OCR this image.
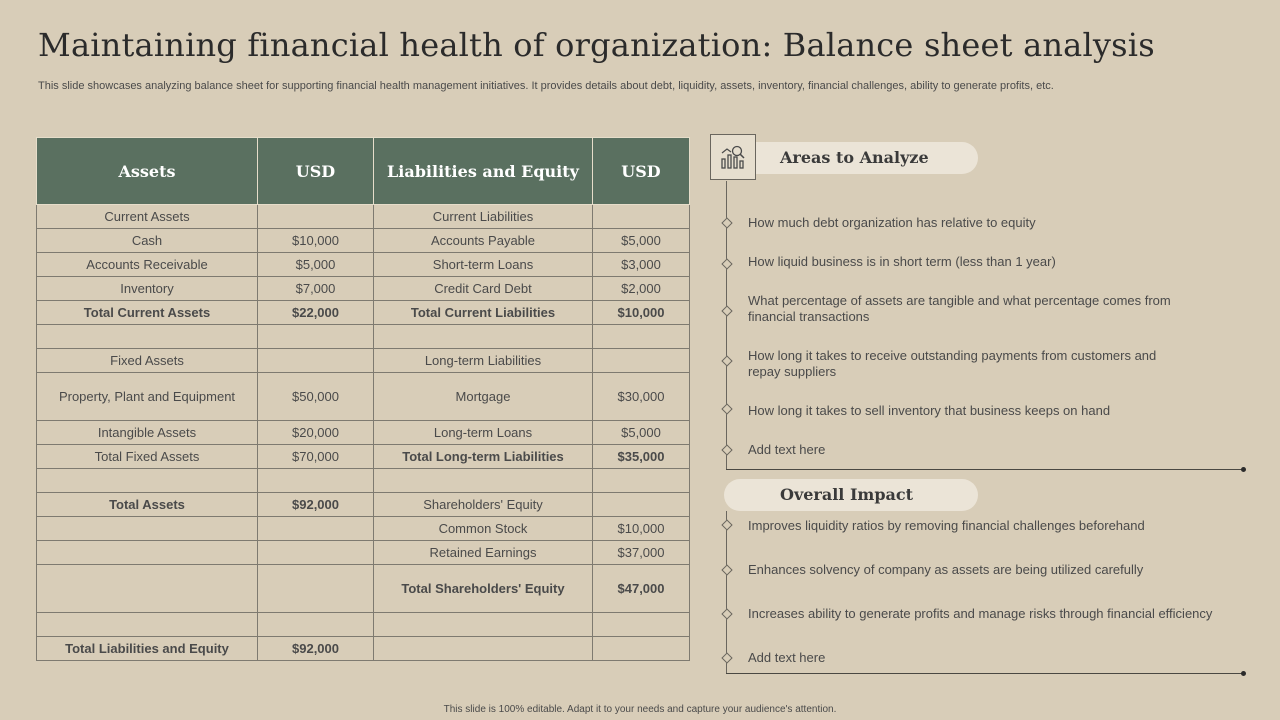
Maintaining financial health of organization: Balance sheet analysis
This slide showcases analyzing balance sheet for supporting financial health management initiatives. It provides details about debt, liquidity, assets, inventory, financial challenges, ability to generate profits, etc.
Assets	USD	Liabilities and Equity	USD
Current Assets		Current Liabilities	
Cash	$10,000	Accounts Payable	$5,000
Accounts Receivable	$5,000	Short-term Loans	$3,000
Inventory	$7,000	Credit Card Debt	$2,000
Total Current Assets	$22,000	Total Current Liabilities	$10,000

Fixed Assets		Long-term Liabilities	
Property, Plant and Equipment	$50,000	Mortgage	$30,000
Intangible Assets	$20,000	Long-term Loans	$5,000
Total Fixed Assets	$70,000	Total Long-term Liabilities	$35,000

Total Assets	$92,000	Shareholders' Equity	
		Common Stock	$10,000
		Retained Earnings	$37,000
		Total Shareholders' Equity	$47,000

Total Liabilities and Equity	$92,000		
Areas to Analyze
How much debt organization has relative to equity
How liquid business is in short term (less than 1 year)
What percentage of assets are tangible and what percentage comes from financial transactions
How long it takes to receive outstanding payments from customers and repay suppliers
How long it takes to sell inventory that business keeps on hand
Add text here
Overall Impact
Improves liquidity ratios by removing financial challenges beforehand
Enhances solvency of company as assets are being utilized carefully
Increases ability to generate profits and manage risks through financial efficiency
Add text here
This slide is 100% editable. Adapt it to your needs and capture your audience's attention.
